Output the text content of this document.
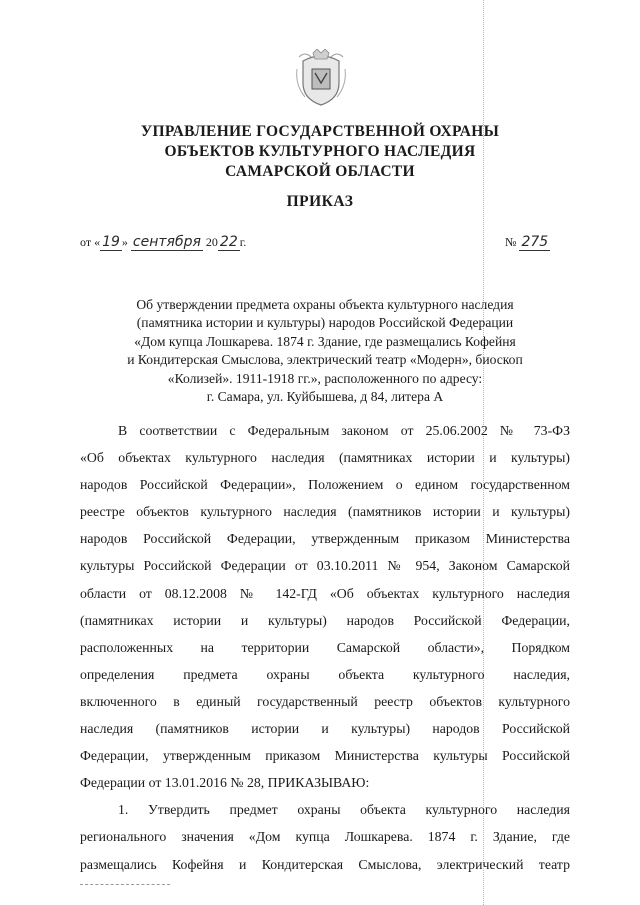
УПРАВЛЕНИЕ ГОСУДАРСТВЕННОЙ ОХРАНЫ
ОБЪЕКТОВ КУЛЬТУРНОГО НАСЛЕДИЯ
САМАРСКОЙ ОБЛАСТИ
ПРИКАЗ
от « 19 » сентября 20 22 г.	№ 275
Об утверждении предмета охраны объекта культурного наследия
(памятника истории и культуры) народов Российской Федерации
«Дом купца Лошкарева. 1874 г. Здание, где размещались Кофейня
и Кондитерская Смыслова, электрический театр «Модерн», биоскоп
«Колизей». 1911-1918 гг.», расположенного по адресу:
г. Самара, ул. Куйбышева, д 84, литера А
В соответствии с Федеральным законом от 25.06.2002 № 73-ФЗ
«Об объектах культурного наследия (памятниках истории и культуры)
народов Российской Федерации», Положением о едином государственном
реестре объектов культурного наследия (памятников истории и культуры)
народов Российской Федерации, утвержденным приказом Министерства
культуры Российской Федерации от 03.10.2011 № 954, Законом Самарской
области от 08.12.2008 № 142-ГД «Об объектах культурного наследия
(памятниках истории и культуры) народов Российской Федерации,
расположенных на территории Самарской области», Порядком
определения предмета охраны объекта культурного наследия,
включенного в единый государственный реестр объектов культурного
наследия (памятников истории и культуры) народов Российской
Федерации, утвержденным приказом Министерства культуры Российской
Федерации от 13.01.2016 № 28, ПРИКАЗЫВАЮ:
1. Утвердить предмет охраны объекта культурного наследия
регионального значения «Дом купца Лошкарева. 1874 г. Здание, где
размещались Кофейня и Кондитерская Смыслова, электрический театр
